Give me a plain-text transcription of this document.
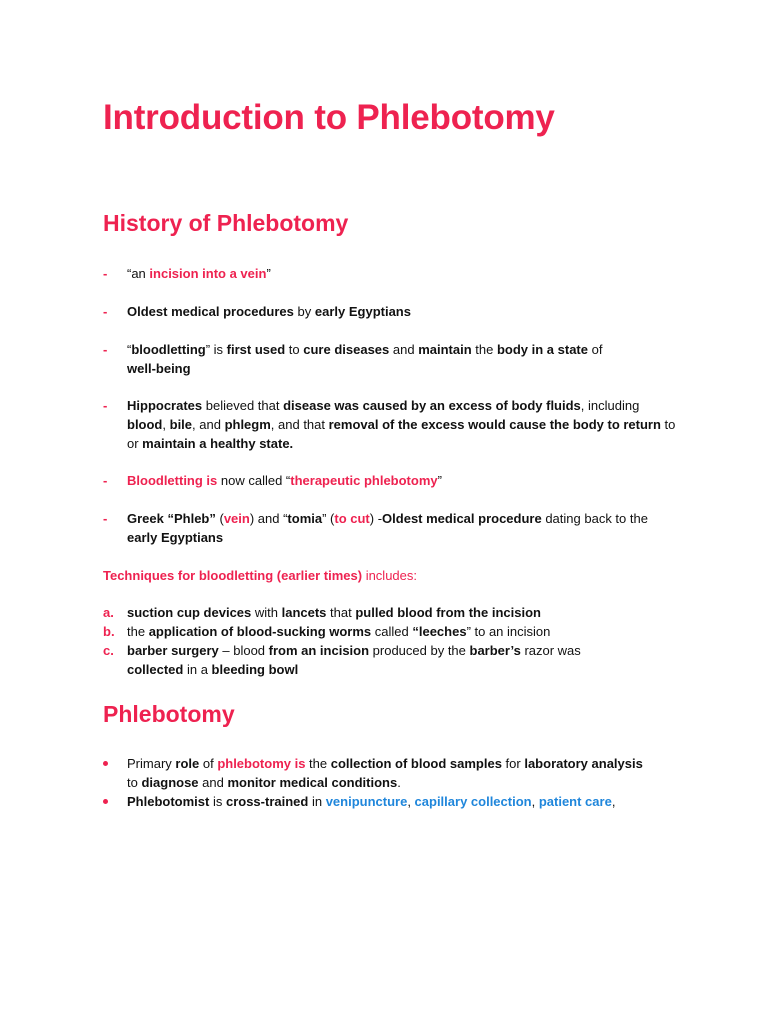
Introduction to Phlebotomy
History of Phlebotomy
- “an incision into a vein”
- Oldest medical procedures by early Egyptians
- “bloodletting” is first used to cure diseases and maintain the body in a state of
well-being
- Hippocrates believed that disease was caused by an excess of body fluids, including blood, bile, and phlegm, and that removal of the excess would cause the body to return to or maintain a healthy state.
- Bloodletting is now called “therapeutic phlebotomy”
- Greek “Phleb” (vein) and “tomia” (to cut) -Oldest medical procedure dating back to the early Egyptians
Techniques for bloodletting (earlier times) includes:
a. suction cup devices with lancets that pulled blood from the incision
b. the application of blood-sucking worms called “leeches” to an incision
c. barber surgery – blood from an incision produced by the barber’s razor was
collected in a bleeding bowl
Phlebotomy
Primary role of phlebotomy is the collection of blood samples for laboratory analysis
to diagnose and monitor medical conditions.
Phlebotomist is cross-trained in venipuncture, capillary collection, patient care,
